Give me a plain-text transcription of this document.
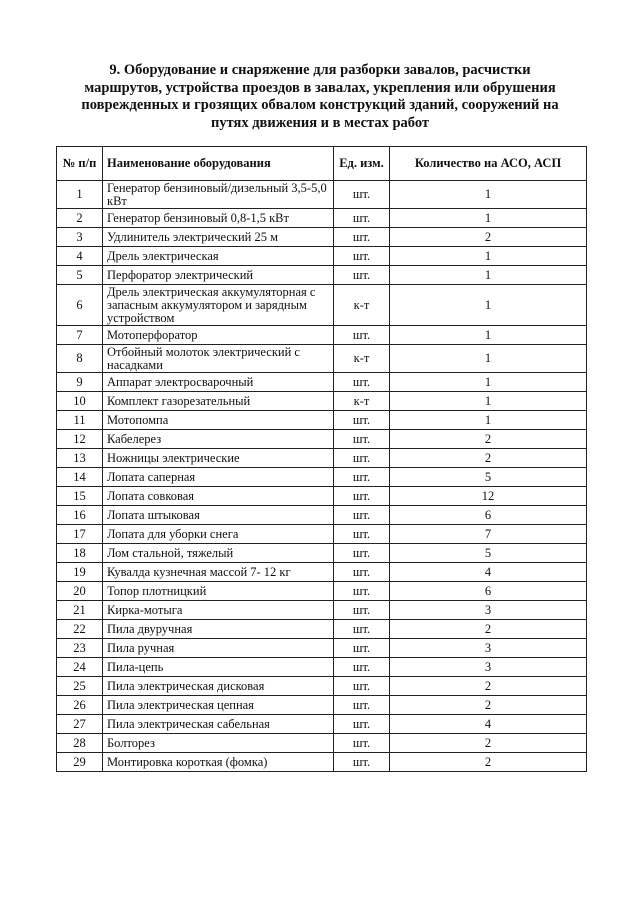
9. Оборудование и снаряжение для разборки завалов, расчистки маршрутов, устройства проездов в завалах, укрепления или обрушения поврежденных и грозящих обвалом конструкций зданий, сооружений на путях движения и в местах работ
№ п/п	Наименование оборудования	Ед. изм.	Количество на АСО, АСП
1	Генератор бензиновый/дизельный 3,5-5,0 кВт	шт.	1
2	Генератор бензиновый 0,8-1,5 кВт	шт.	1
3	Удлинитель электрический 25 м	шт.	2
4	Дрель электрическая	шт.	1
5	Перфоратор электрический	шт.	1
6	Дрель электрическая аккумуляторная с запасным аккумулятором и зарядным устройством	к-т	1
7	Мотоперфоратор	шт.	1
8	Отбойный молоток электрический с насадками	к-т	1
9	Аппарат электросварочный	шт.	1
10	Комплект газорезательный	к-т	1
11	Мотопомпа	шт.	1
12	Кабелерез	шт.	2
13	Ножницы электрические	шт.	2
14	Лопата саперная	шт.	5
15	Лопата совковая	шт.	12
16	Лопата штыковая	шт.	6
17	Лопата для уборки снега	шт.	7
18	Лом стальной, тяжелый	шт.	5
19	Кувалда кузнечная массой 7- 12 кг	шт.	4
20	Топор плотницкий	шт.	6
21	Кирка-мотыга	шт.	3
22	Пила двуручная	шт.	2
23	Пила ручная	шт.	3
24	Пила-цепь	шт.	3
25	Пила электрическая дисковая	шт.	2
26	Пила электрическая цепная	шт.	2
27	Пила электрическая сабельная	шт.	4
28	Болторез	шт.	2
29	Монтировка короткая (фомка)	шт.	2
